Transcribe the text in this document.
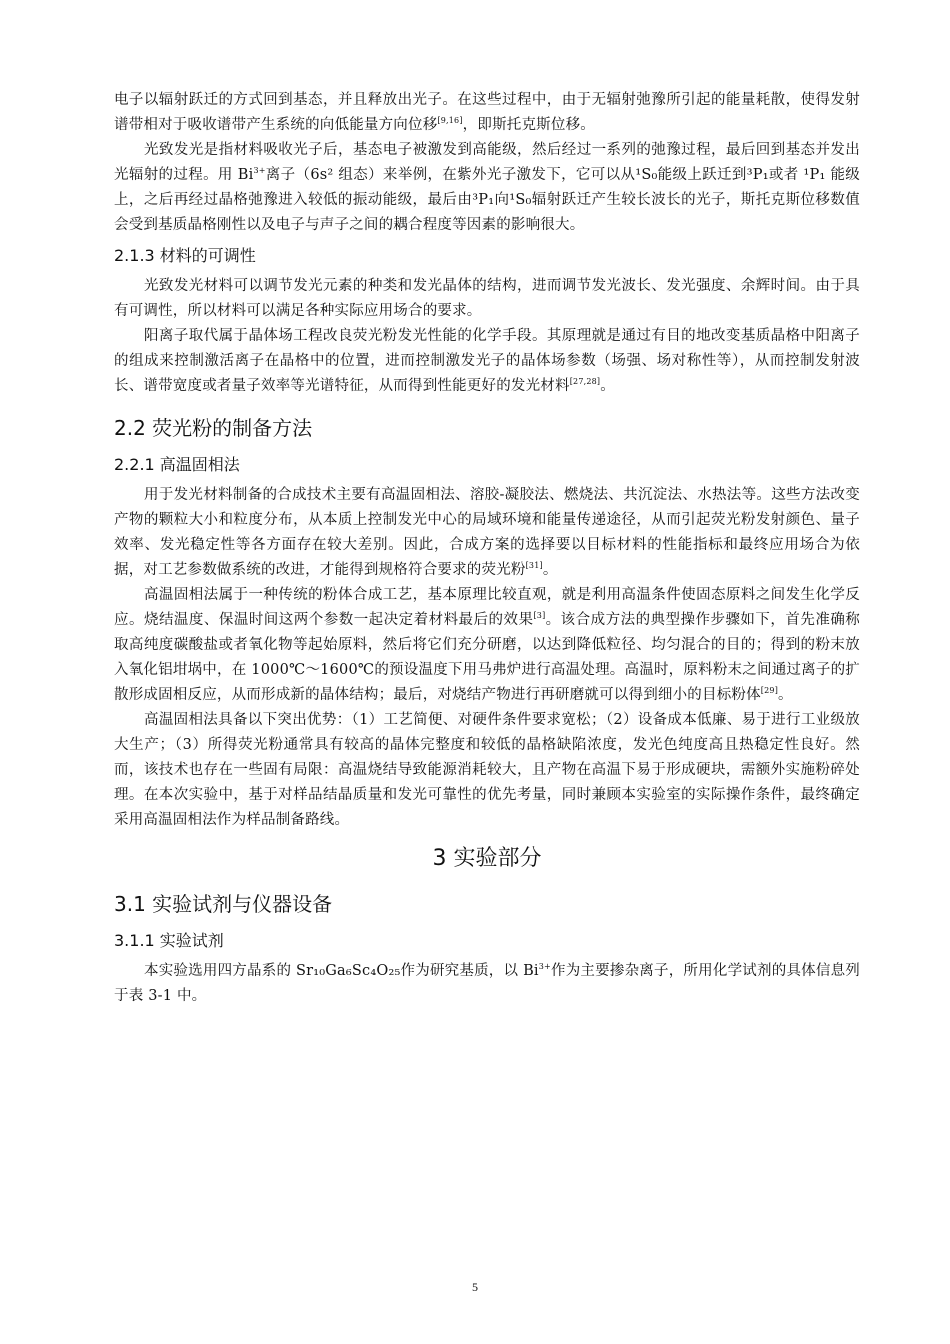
电子以辐射跃迁的方式回到基态，并且释放出光子。在这些过程中，由于无辐射弛豫所引起的能量耗散，使得发射谱带相对于吸收谱带产生系统的向低能量方向位移[9,16]，即斯托克斯位移。

光致发光是指材料吸收光子后，基态电子被激发到高能级，然后经过一系列的弛豫过程，最后回到基态并发出光辐射的过程。用 $Bi^{3+}$离子（6s² 组态）来举例，在紫外光子激发下，它可以从¹S₀能级上跃迁到³P₁或者 ¹P₁ 能级上，之后再经过晶格弛豫进入较低的振动能级，最后由³P₁向¹S₀辐射跃迁产生较长波长的光子，斯托克斯位移数值会受到基质晶格刚性以及电子与声子之间的耦合程度等因素的影响很大。

2.1.3 材料的可调性

光致发光材料可以调节发光元素的种类和发光晶体的结构，进而调节发光波长、发光强度、余辉时间。由于具有可调性，所以材料可以满足各种实际应用场合的要求。

阳离子取代属于晶体场工程改良荧光粉发光性能的化学手段。其原理就是通过有目的地改变基质晶格中阳离子的组成来控制激活离子在晶格中的位置，进而控制激发光子的晶体场参数（场强、场对称性等），从而控制发射波长、谱带宽度或者量子效率等光谱特征，从而得到性能更好的发光材料[27,28]。

2.2 荧光粉的制备方法
2.2.1 高温固相法

用于发光材料制备的合成技术主要有高温固相法、溶胶-凝胶法、燃烧法、共沉淀法、水热法等。这些方法改变产物的颗粒大小和粒度分布，从本质上控制发光中心的局域环境和能量传递途径，从而引起荧光粉发射颜色、量子效率、发光稳定性等各方面存在较大差别。因此，合成方案的选择要以目标材料的性能指标和最终应用场合为依据，对工艺参数做系统的改进，才能得到规格符合要求的荧光粉[31]。

高温固相法属于一种传统的粉体合成工艺，基本原理比较直观，就是利用高温条件使固态原料之间发生化学反应。烧结温度、保温时间这两个参数一起决定着材料最后的效果[3]。该合成方法的典型操作步骤如下，首先准确称取高纯度碳酸盐或者氧化物等起始原料，然后将它们充分研磨，以达到降低粒径、均匀混合的目的；得到的粉末放入氧化铝坩埚中，在 1000℃～1600℃的预设温度下用马弗炉进行高温处理。高温时，原料粉末之间通过离子的扩散形成固相反应，从而形成新的晶体结构；最后，对烧结产物进行再研磨就可以得到细小的目标粉体[29]。

高温固相法具备以下突出优势：（1）工艺简便、对硬件条件要求宽松；（2）设备成本低廉、易于进行工业级放大生产；（3）所得荧光粉通常具有较高的晶体完整度和较低的晶格缺陷浓度，发光色纯度高且热稳定性良好。然而，该技术也存在一些固有局限：高温烧结导致能源消耗较大，且产物在高温下易于形成硬块，需额外实施粉碎处理。在本次实验中，基于对样品结晶质量和发光可靠性的优先考量，同时兼顾本实验室的实际操作条件，最终确定采用高温固相法作为样品制备路线。

3 实验部分
3.1 实验试剂与仪器设备
3.1.1 实验试剂

本实验选用四方晶系的 Sr₁₀Ga₆Sc₄O₂₅作为研究基质，以 $Bi^{3+}$作为主要掺杂离子，所用化学试剂的具体信息列于表 3-1 中。

5
